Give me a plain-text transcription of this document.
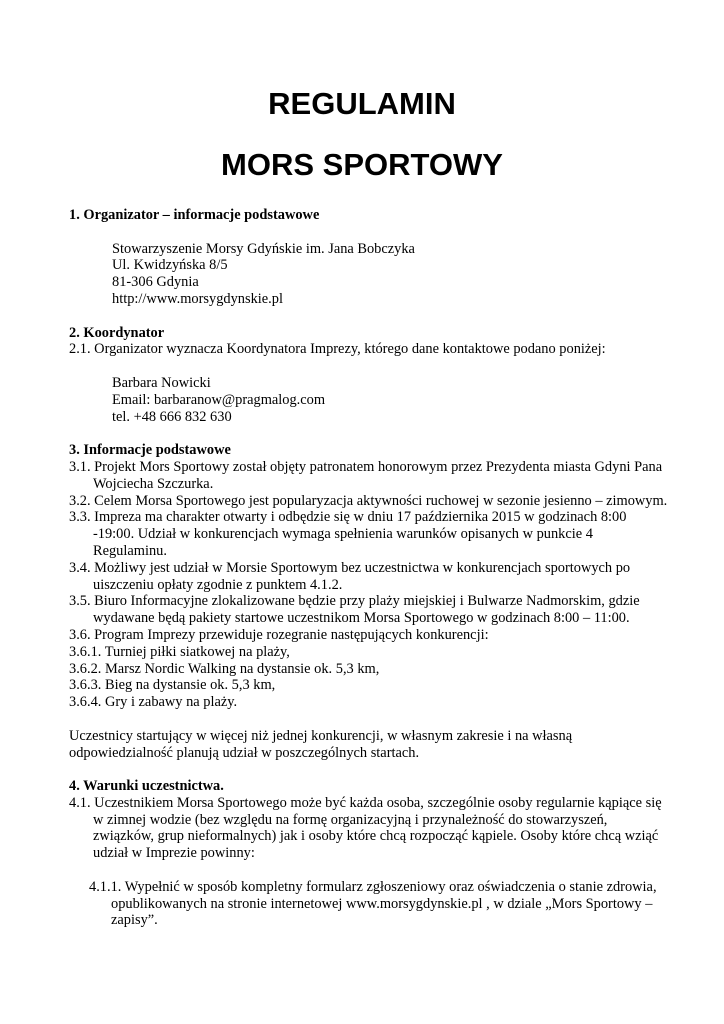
REGULAMIN
MORS SPORTOWY

1. Organizator – informacje podstawowe

Stowarzyszenie Morsy Gdyńskie im. Jana Bobczyka

Ul. Kwidzyńska 8/5

81-306 Gdynia

http://www.morsygdynskie.pl

2. Koordynator

2.1. Organizator wyznacza Koordynatora Imprezy, którego dane kontaktowe podano poniżej:

Barbara Nowicki

Email: barbaranow@pragmalog.com

tel. +48 666 832 630

3. Informacje podstawowe

3.1. Projekt Mors Sportowy został objęty patronatem honorowym przez Prezydenta miasta Gdyni Pana Wojciecha Szczurka.

3.2. Celem Morsa Sportowego jest popularyzacja aktywności ruchowej w sezonie jesienno – zimowym.

3.3. Impreza ma charakter otwarty i odbędzie się w dniu 17 października 2015 w godzinach 8:00 -19:00. Udział w konkurencjach wymaga spełnienia warunków opisanych w punkcie 4 Regulaminu.

3.4. Możliwy jest udział w Morsie Sportowym bez uczestnictwa w konkurencjach sportowych po uiszczeniu opłaty zgodnie z punktem 4.1.2.

3.5. Biuro Informacyjne zlokalizowane będzie przy plaży miejskiej i Bulwarze Nadmorskim, gdzie wydawane będą pakiety startowe uczestnikom Morsa Sportowego w godzinach 8:00 – 11:00.

3.6. Program Imprezy przewiduje rozegranie następujących konkurencji:

3.6.1. Turniej piłki siatkowej na plaży,

3.6.2. Marsz Nordic Walking na dystansie ok. 5,3 km,

3.6.3. Bieg na dystansie ok. 5,3 km,

3.6.4. Gry i zabawy na plaży.

Uczestnicy startujący w więcej niż jednej konkurencji, w własnym zakresie i na własną odpowiedzialność planują udział w poszczególnych startach.

4. Warunki uczestnictwa.

4.1. Uczestnikiem Morsa Sportowego może być każda osoba, szczególnie osoby regularnie kąpiące się w zimnej wodzie (bez względu na formę organizacyjną i przynależność do stowarzyszeń, związków, grup nieformalnych) jak i osoby które chcą rozpocząć kąpiele. Osoby które chcą wziąć udział w Imprezie powinny:

4.1.1. Wypełnić w sposób kompletny formularz zgłoszeniowy oraz oświadczenia o stanie zdrowia, opublikowanych na stronie internetowej www.morsygdynskie.pl , w dziale „Mors Sportowy – zapisy”.
